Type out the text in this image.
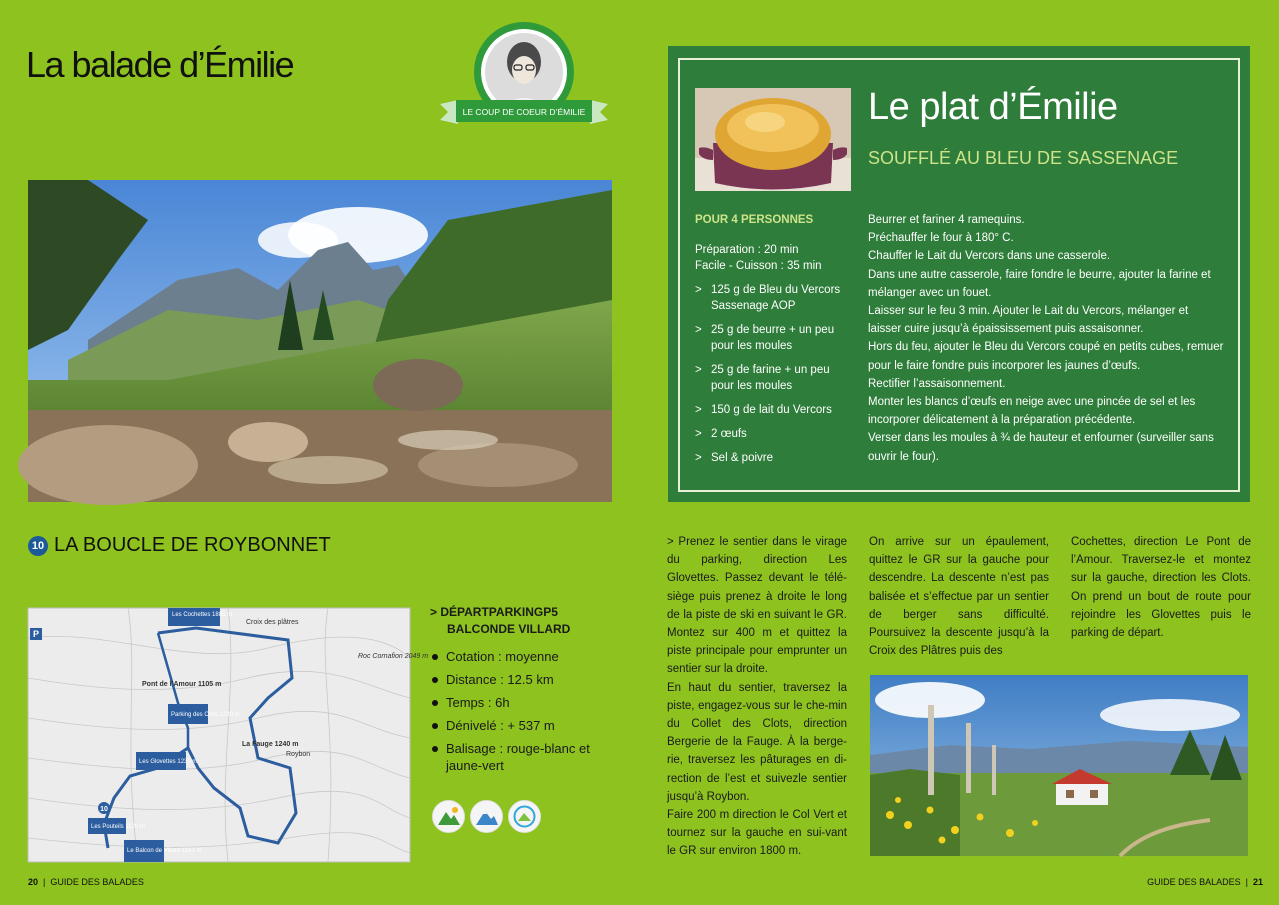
La balade d’Émilie
LE COUP DE COEUR D’ÉMILIE
10 LA BOUCLE DE ROYBONNET
10
P
Les Cochettes 1885 m
Croix des plâtres
Pont de l’Amour 1105 m
Parking des Clots 1230 m
La Fauge 1240 m
Roybon
Les Glovettes 1230 m
Les Pouteils 1120 m
Le Balcon de Villard 1151 m
Roc Cornafion 2049 m
> DÉPARTPARKINGP5
BALCONDE VILLARD
Cotation : moyenne
Distance : 12.5 km
Temps : 6h
Dénivelé : + 537 m
Balisage : rouge-blanc et jaune-vert
20  |  GUIDE DES BALADES	GUIDE DES BALADES  |  21
Le plat d’Émilie
SOUFFLÉ AU BLEU DE SASSENAGE
POUR 4 PERSONNES
Préparation : 20 min
Facile - Cuisson : 35 min
> 125 g de Bleu du Vercors Sassenage AOP
> 25 g de beurre + un peu pour les moules
> 25 g de farine + un peu pour les moules
> 150 g de lait du Vercors
> 2 œufs
> Sel & poivre
Beurrer et fariner 4 ramequins.
Préchauffer le four à 180° C.
Chauffer le Lait du Vercors dans une casserole.
Dans une autre casserole, faire fondre le beurre, ajouter la farine et mélanger avec un fouet.
Laisser sur le feu 3 min. Ajouter le Lait du Vercors, mélanger et laisser cuire jusqu’à épaississement puis assaisonner.
Hors du feu, ajouter le Bleu du Vercors coupé en petits cubes, remuer pour le faire fondre puis incorporer les jaunes d’œufs.
Rectifier l’assaisonnement.
Monter les blancs d’œufs en neige avec une pincée de sel et les incorporer délicatement à la préparation précédente.
Verser dans les moules à ¾ de hauteur et enfourner (surveiller sans ouvrir le four).
> Prenez le sentier dans le virage du parking, direction Les Glovettes. Passez devant le télé-siège puis prenez à droite le long de la piste de ski en suivant le GR. Montez sur 400 m et quittez la piste principale pour emprunter un sentier sur la droite.
En haut du sentier, traversez la piste, engagez-vous sur le che-min du Collet des Clots, direction Bergerie de la Fauge. À la berge-rie, traversez les pâturages en di-rection de l’est et suivezle sentier jusqu’à Roybon.
Faire 200 m direction le Col Vert et tournez sur la gauche en sui-vant le GR sur environ 1800 m.
On arrive sur un épaulement, quittez le GR sur la gauche pour descendre. La descente n’est pas balisée et s’effectue par un sentier de berger sans difficulté. Poursuivez la descente jusqu’à la Croix des Plâtres puis des
Cochettes, direction Le Pont de l’Amour. Traversez-le et montez sur la gauche, direction les Clots. On prend un bout de route pour rejoindre les Glovettes puis le parking de départ.
